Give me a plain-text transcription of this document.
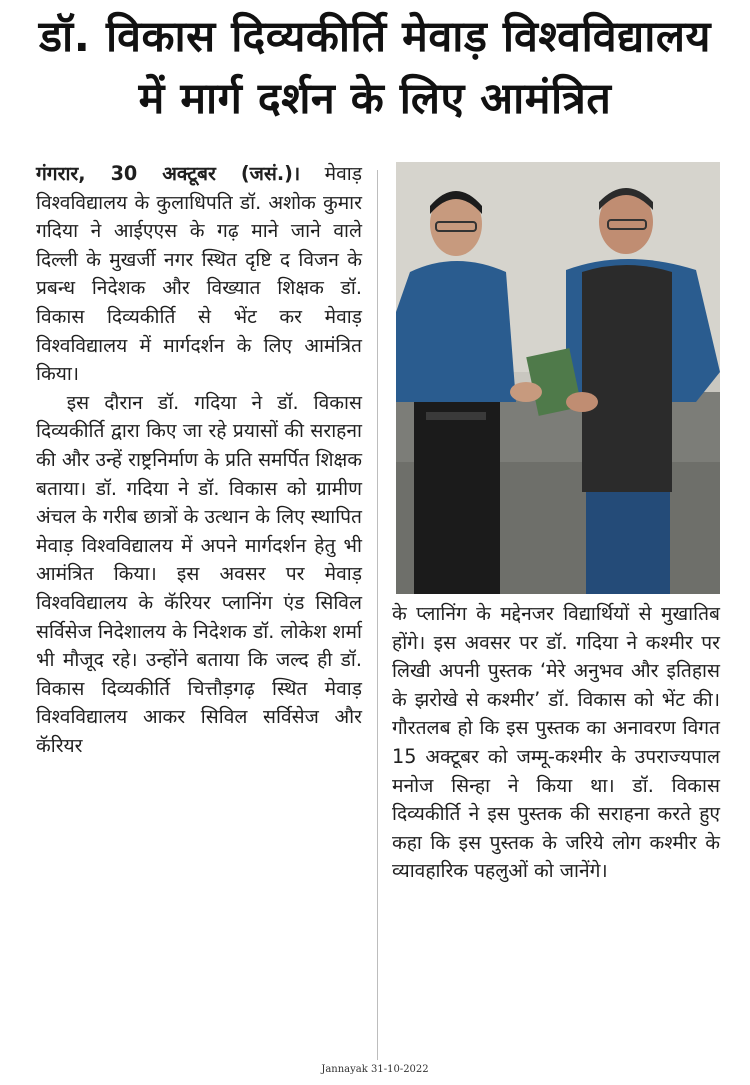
डॉ. विकास दिव्यकीर्ति मेवाड़ विश्वविद्यालय
में मार्ग दर्शन के लिए आमंत्रित

गंगरार, 30 अक्टूबर (जसं.)। मेवाड़ विश्वविद्यालय के कुलाधिपति डॉ. अशोक कुमार गदिया ने आईएएस के गढ़ माने जाने वाले दिल्ली के मुखर्जी नगर स्थित दृष्टि द विजन के प्रबन्ध निदेशक और विख्यात शिक्षक डॉ. विकास दिव्यकीर्ति से भेंट कर मेवाड़ विश्वविद्यालय में मार्गदर्शन के लिए आमंत्रित किया।

इस दौरान डॉ. गदिया ने डॉ. विकास दिव्यकीर्ति द्वारा किए जा रहे प्रयासों की सराहना की और उन्हें राष्ट्रनिर्माण के प्रति समर्पित शिक्षक बताया। डॉ. गदिया ने डॉ. विकास को ग्रामीण अंचल के गरीब छात्रों के उत्थान के लिए स्थापित मेवाड़ विश्वविद्यालय में अपने मार्गदर्शन हेतु भी आमंत्रित किया। इस अवसर पर मेवाड़ विश्वविद्यालय के कॅरियर प्लानिंग एंड सिविल सर्विसेज निदेशालय के निदेशक डॉ. लोकेश शर्मा भी मौजूद रहे। उन्होंने बताया कि जल्द ही डॉ. विकास दिव्यकीर्ति चित्तौड़गढ़ स्थित मेवाड़ विश्वविद्यालय आकर सिविल सर्विसेज और कॅरियर

के प्लानिंग के मद्देनजर विद्यार्थियों से मुखातिब होंगे। इस अवसर पर डॉ. गदिया ने कश्मीर पर लिखी अपनी पुस्तक ‘मेरे अनुभव और इतिहास के झरोखे से कश्मीर’ डॉ. विकास को भेंट की। गौरतलब हो कि इस पुस्तक का अनावरण विगत 15 अक्टूबर को जम्मू-कश्मीर के उपराज्यपाल मनोज सिन्हा ने किया था। डॉ. विकास दिव्यकीर्ति ने इस पुस्तक की सराहना करते हुए कहा कि इस पुस्तक के जरिये लोग कश्मीर के व्यावहारिक पहलुओं को जानेंगे।

Jannayak 31-10-2022
